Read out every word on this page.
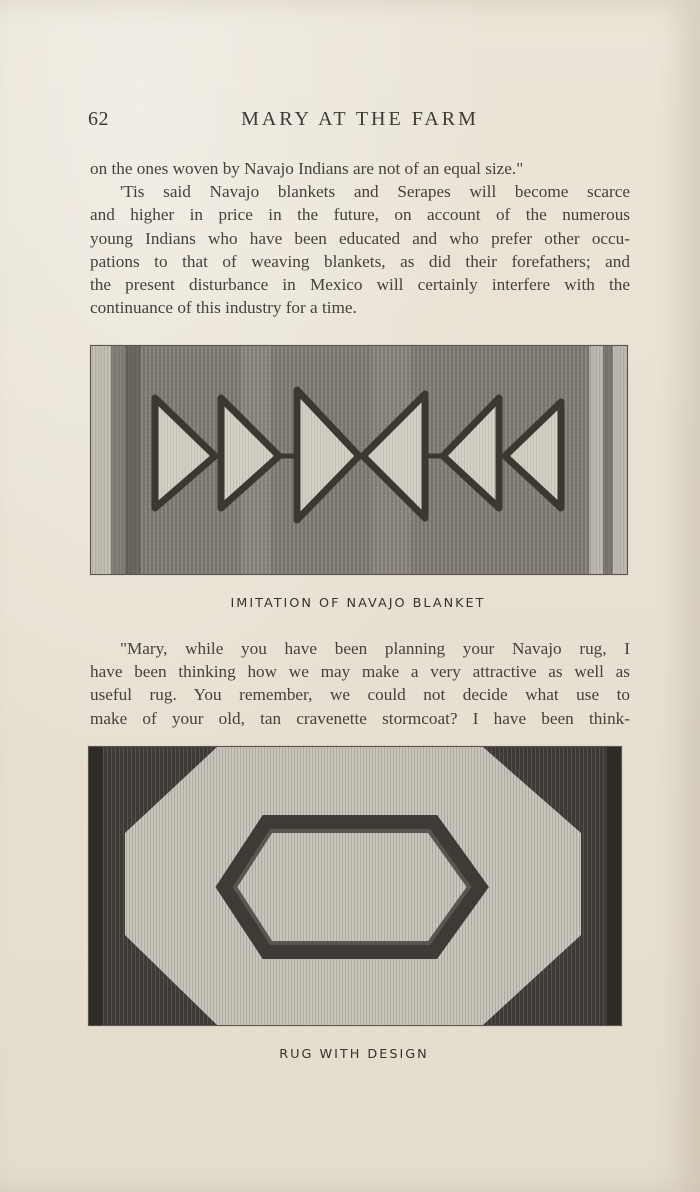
62	MARY AT THE FARM

on the ones woven by Navajo Indians are not of an equal size."

'Tis said Navajo blankets and Serapes will become scarce

and higher in price in the future, on account of the numerous

young Indians who have been educated and who prefer other occu-

pations to that of weaving blankets, as did their forefathers; and

the present disturbance in Mexico will certainly interfere with the

continuance of this industry for a time.

IMITATION OF NAVAJO BLANKET

"Mary, while you have been planning your Navajo rug, I

have been thinking how we may make a very attractive as well as

useful rug. You remember, we could not decide what use to

make of your old, tan cravenette stormcoat? I have been think-

RUG WITH DESIGN
